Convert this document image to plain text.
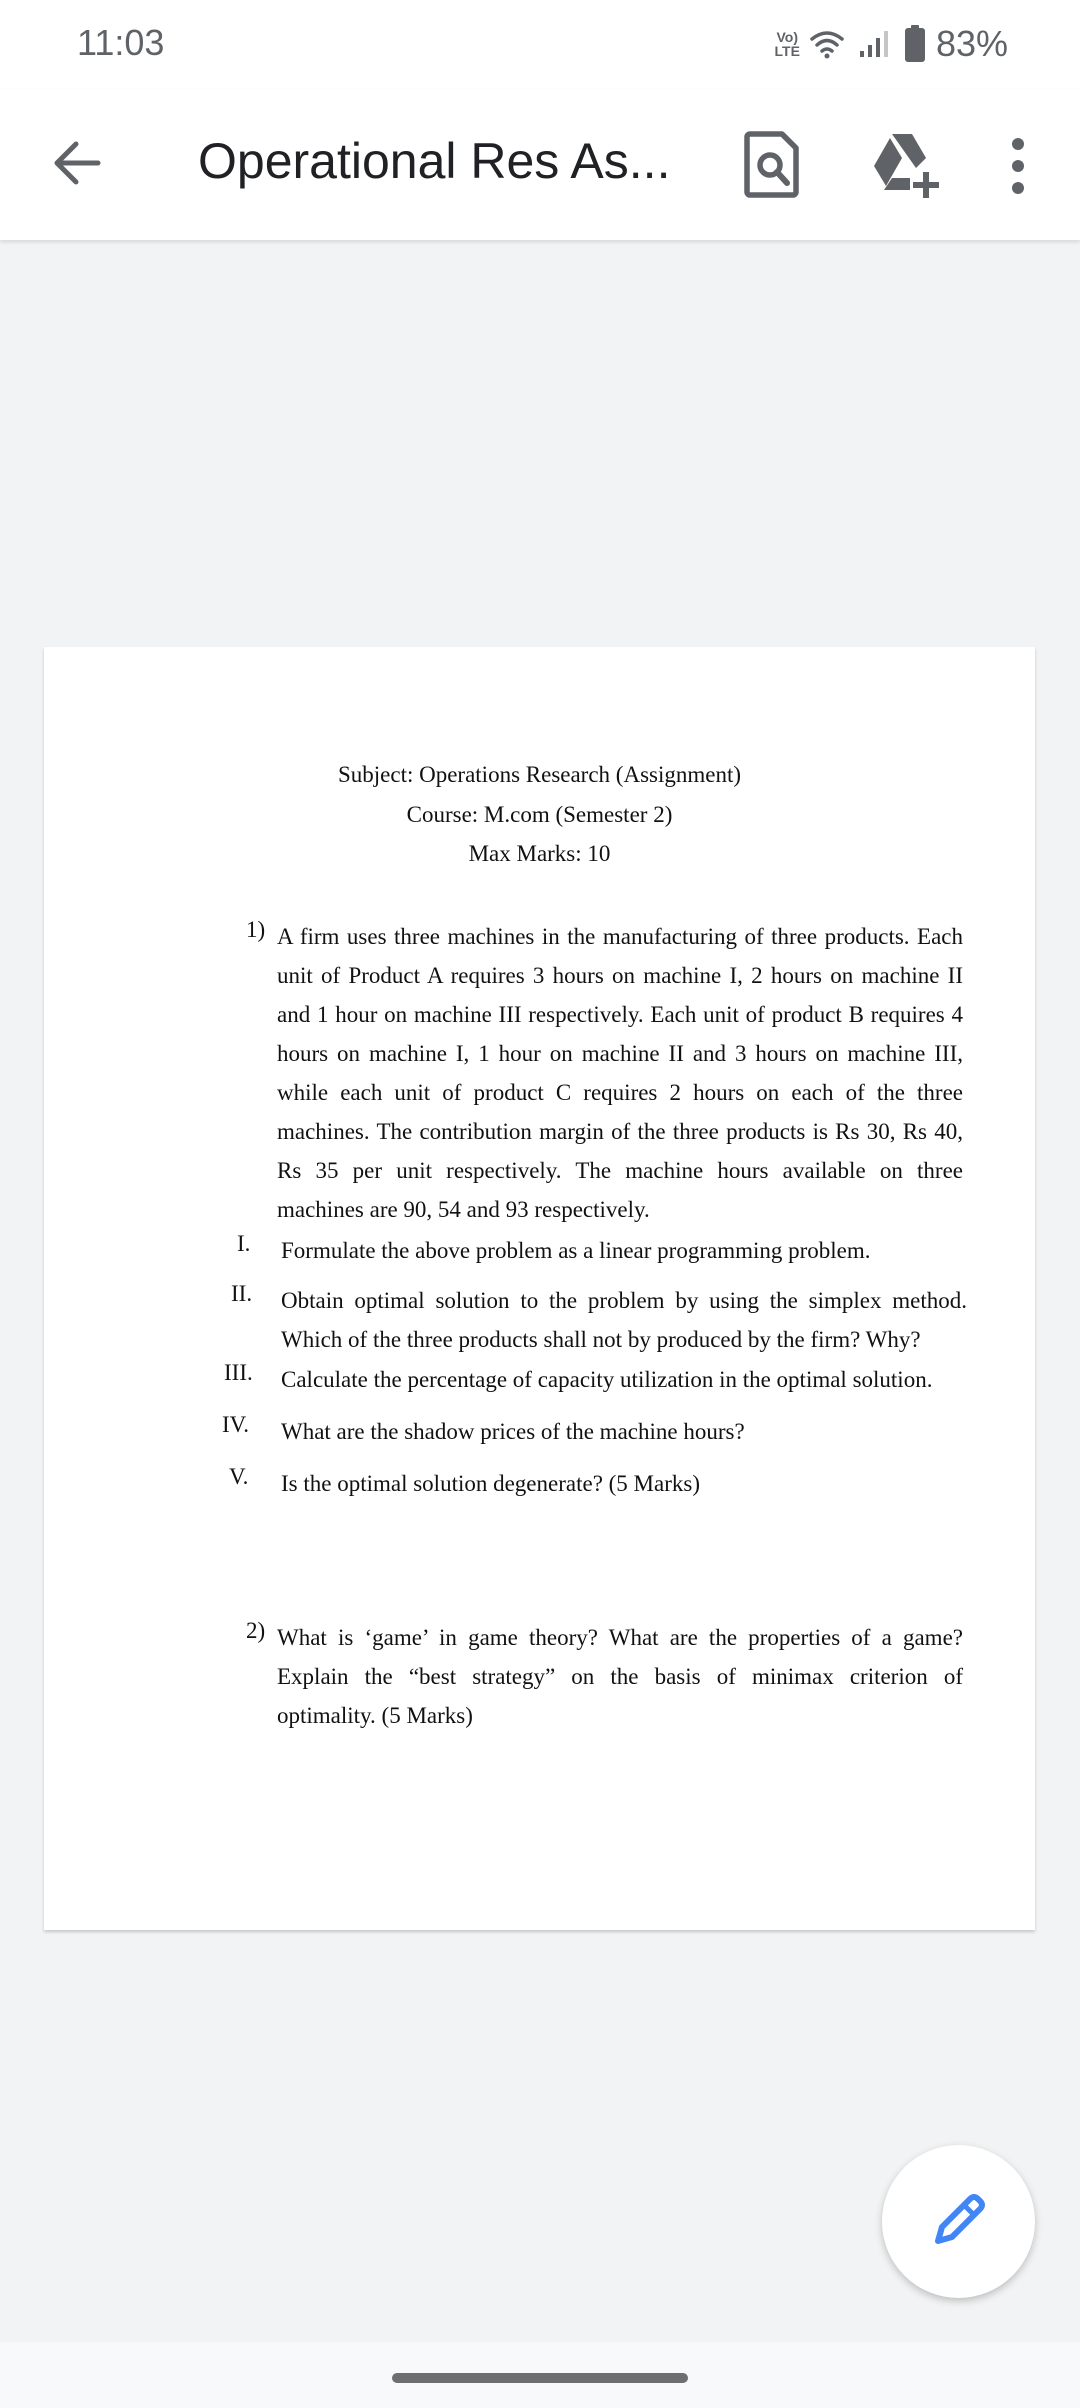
11:03	Vo)
LTE	83%
Operational Res As...
Subject: Operations Research (Assignment)
Course: M.com (Semester 2)
Max Marks: 10
1) A firm uses three machines in the manufacturing of three products. Each unit of Product A requires 3 hours on machine I, 2 hours on machine II and 1 hour on machine III respectively. Each unit of product B requires 4 hours on machine I, 1 hour on machine II and 3 hours on machine III, while each unit of product C requires 2 hours on each of the three machines. The contribution margin of the three products is Rs 30, Rs 40, Rs 35 per unit respectively. The machine hours available on three machines are 90, 54 and 93 respectively.
I. Formulate the above problem as a linear programming problem.
II. Obtain optimal solution to the problem by using the simplex method. Which of the three products shall not by produced by the firm? Why?
III. Calculate the percentage of capacity utilization in the optimal solution.
IV. What are the shadow prices of the machine hours?
V. Is the optimal solution degenerate? (5 Marks)
2) What is ‘game’ in game theory? What are the properties of a game? Explain the “best strategy” on the basis of minimax criterion of optimality. (5 Marks)
